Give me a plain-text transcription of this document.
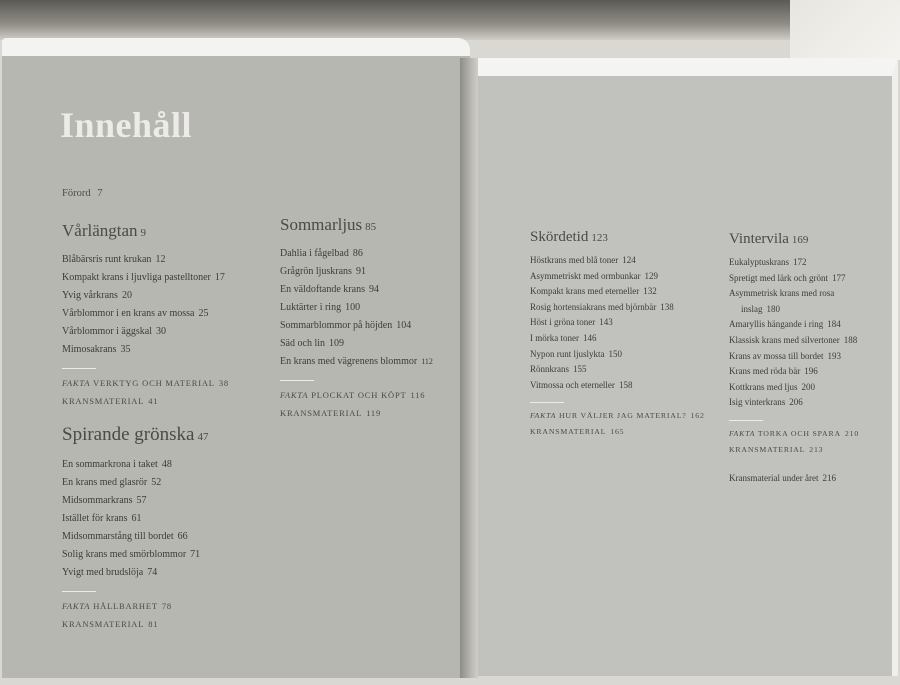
Innehåll
Förord 7
Vårlängtan 9
Blåbärsris runt krukan 12
Kompakt krans i ljuvliga pastelltoner 17
Yvig vårkrans 20
Vårblommor i en krans av mossa 25
Vårblommor i äggskal 30
Mimosakrans 35
FAKTA VERKTYG OCH MATERIAL 38
KRANSMATERIAL 41
Spirande grönska 47
En sommarkrona i taket 48
En krans med glasrör 52
Midsommarkrans 57
Istället för krans 61
Midsommarstång till bordet 66
Solig krans med smörblommor 71
Yvigt med brudslöja 74
FAKTA HÅLLBARHET 78
KRANSMATERIAL 81
Sommarljus 85
Dahlia i fågelbad 86
Grågrön ljuskrans 91
En väldoftande krans 94
Luktärter i ring 100
Sommarblommor på höjden 104
Säd och lin 109
En krans med vägrenens blommor 112
FAKTA PLOCKAT OCH KÖPT 116
KRANSMATERIAL 119
Skördetid 123
Höstkrans med blå toner 124
Asymmetriskt med ormbunkar 129
Kompakt krans med eterneller 132
Rosig hortensiakrans med björnbär 138
Höst i gröna toner 143
I mörka toner 146
Nypon runt ljuslykta 150
Rönnkrans 155
Vitmossa och eterneller 158
FAKTA HUR VÄLJER JAG MATERIAL? 162
KRANSMATERIAL 165
Vintervila 169
Eukalyptuskrans 172
Spretigt med lärk och grönt 177
Asymmetrisk krans med rosa
inslag 180
Amaryllis hängande i ring 184
Klassisk krans med silvertoner 188
Krans av mossa till bordet 193
Krans med röda bär 196
Kottkrans med ljus 200
Isig vinterkrans 206
FAKTA TORKA OCH SPARA 210
KRANSMATERIAL 213
Kransmaterial under året 216
